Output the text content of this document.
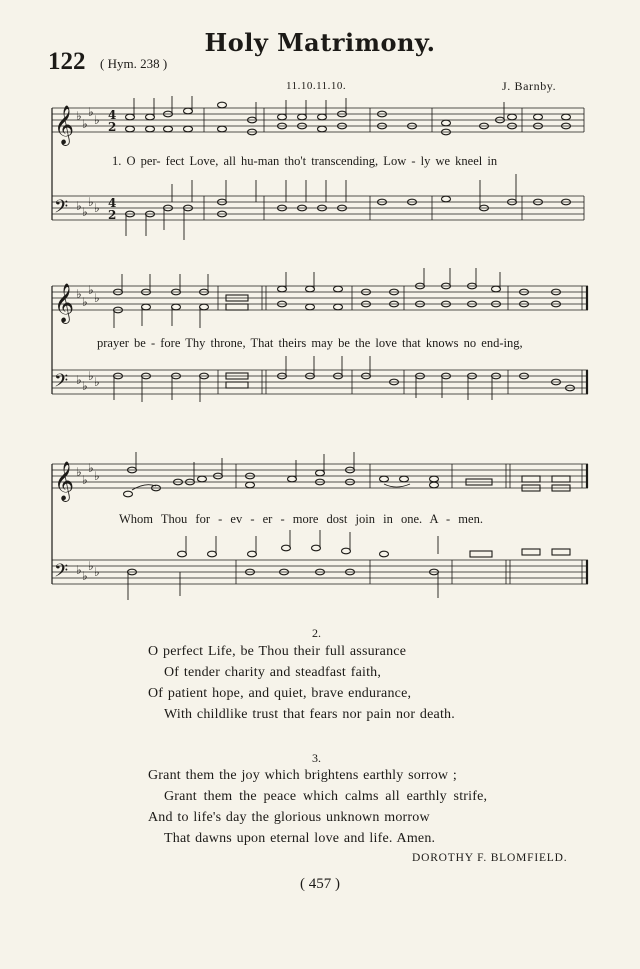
Holy Matrimony.
122 ( Hym. 238 )
11.10.11.10.	J. Barnby.
𝄞
𝄢
♭
♭
♭
♭
♭ ♭
♭ ♭
4
2
4
2
1. O per- fect Love, all hu-man tho't transcending, Low - ly we kneel in
𝄞
𝄢
♭
♭
♭
♭
♭ ♭
♭ ♭
prayer be - fore Thy throne, That theirs may be the love that knows no end-ing,
𝄞
𝄢
♭
♭
♭
♭
♭ ♭
♭ ♭
Whom Thou for - ev - er - more dost join in one. A - men.
2.
O perfect Life, be Thou their full assurance
Of tender charity and steadfast faith,
Of patient hope, and quiet, brave endurance,
With childlike trust that fears nor pain nor death.
3.
Grant them the joy which brightens earthly sorrow ;
Grant them the peace which calms all earthly strife,
And to life's day the glorious unknown morrow
That dawns upon eternal love and life. Amen.
DOROTHY F. BLOMFIELD.
( 457 )
